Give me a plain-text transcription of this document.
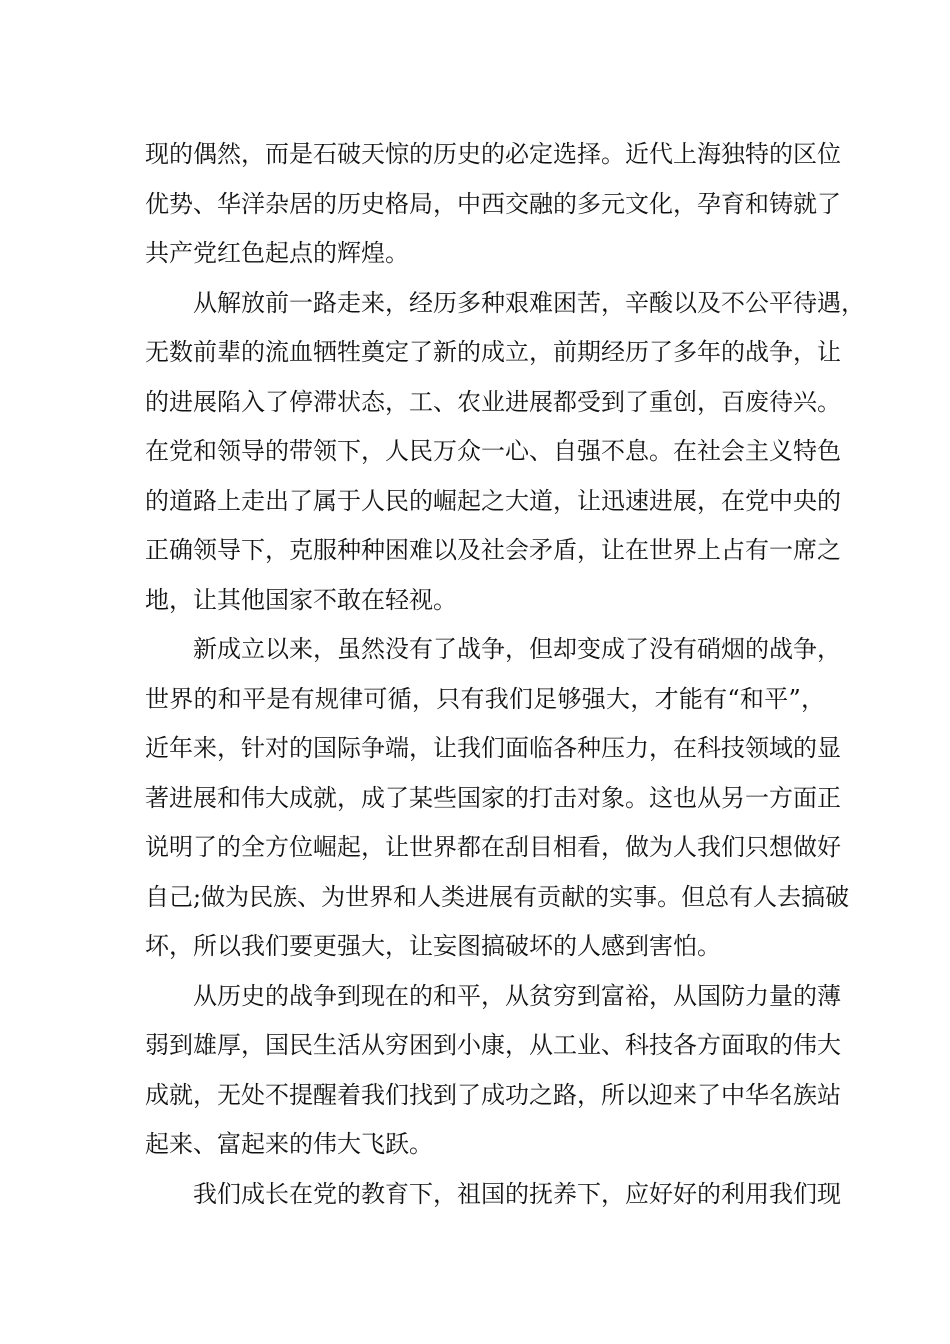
现的偶然，而是石破天惊的历史的必定选择。近代上海独特的区位
优势、华洋杂居的历史格局，中西交融的多元文化，孕育和铸就了
共产党红色起点的辉煌。
从解放前一路走来，经历多种艰难困苦，辛酸以及不公平待遇，
无数前辈的流血牺牲奠定了新的成立，前期经历了多年的战争，让
的进展陷入了停滞状态，工、农业进展都受到了重创，百废待兴。
在党和领导的带领下，人民万众一心、自强不息。在社会主义特色
的道路上走出了属于人民的崛起之大道，让迅速进展，在党中央的
正确领导下，克服种种困难以及社会矛盾，让在世界上占有一席之
地，让其他国家不敢在轻视。
新成立以来，虽然没有了战争，但却变成了没有硝烟的战争，
世界的和平是有规律可循，只有我们足够强大，才能有“和平”，
近年来，针对的国际争端，让我们面临各种压力，在科技领域的显
著进展和伟大成就，成了某些国家的打击对象。这也从另一方面正
说明了的全方位崛起，让世界都在刮目相看，做为人我们只想做好
自己;做为民族、为世界和人类进展有贡献的实事。但总有人去搞破
坏，所以我们要更强大，让妄图搞破坏的人感到害怕。
从历史的战争到现在的和平，从贫穷到富裕，从国防力量的薄
弱到雄厚，国民生活从穷困到小康，从工业、科技各方面取的伟大
成就，无处不提醒着我们找到了成功之路，所以迎来了中华名族站
起来、富起来的伟大飞跃。
我们成长在党的教育下，祖国的抚养下，应好好的利用我们现
